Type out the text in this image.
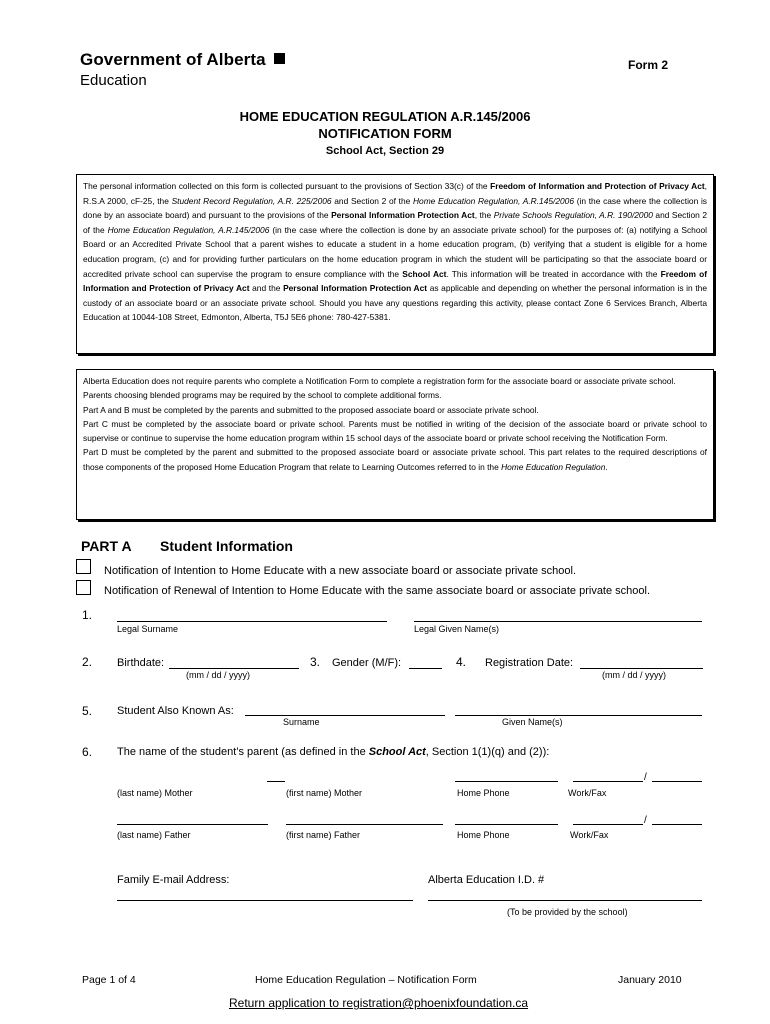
Government of Alberta
Education
Form 2
HOME EDUCATION REGULATION A.R.145/2006
NOTIFICATION FORM
School Act, Section 29

The personal information collected on this form is collected pursuant to the provisions of Section 33(c) of the Freedom of Information and Protection of Privacy Act, R.S.A 2000, cF-25, the Student Record Regulation, A.R. 225/2006 and Section 2 of the Home Education Regulation, A.R.145/2006 (in the case where the collection is done by an associate board) and pursuant to the provisions of the Personal Information Protection Act, the Private Schools Regulation, A.R. 190/2000 and Section 2 of the Home Education Regulation, A.R.145/2006 (in the case where the collection is done by an associate private school) for the purposes of: (a) notifying a School Board or an Accredited Private School that a parent wishes to educate a student in a home education program, (b) verifying that a student is eligible for a home education program, (c) and for providing further particulars on the home education program in which the student will be participating so that the associate board or accredited private school can supervise the program to ensure compliance with the School Act. This information will be treated in accordance with the Freedom of Information and Protection of Privacy Act and the Personal Information Protection Act as applicable and depending on whether the personal information is in the custody of an associate board or an associate private school. Should you have any questions regarding this activity, please contact Zone 6 Services Branch, Alberta Education at 10044-108 Street, Edmonton, Alberta, T5J 5E6 phone: 780-427-5381.

Alberta Education does not require parents who complete a Notification Form to complete a registration form for the associate board or associate private school.
Parents choosing blended programs may be required by the school to complete additional forms.
Part A and B must be completed by the parents and submitted to the proposed associate board or associate private school.
Part C must be completed by the associate board or private school. Parents must be notified in writing of the decision of the associate board or private school to supervise or continue to supervise the home education program within 15 school days of the associate board or private school receiving the Notification Form.
Part D must be completed by the parent and submitted to the proposed associate board or associate private school. This part relates to the required descriptions of those components of the proposed Home Education Program that relate to Learning Outcomes referred to in the Home Education Regulation.

PART A Student Information
Notification of Intention to Home Educate with a new associate board or associate private school.
Notification of Renewal of Intention to Home Educate with the same associate board or associate private school.
1.
Legal Surname	Legal Given Name(s)
2. Birthdate:
(mm / dd / yyyy)
3. Gender (M/F):	4. Registration Date:
(mm / dd / yyyy)
5. Student Also Known As:
Surname	Given Name(s)
6. The name of the student’s parent (as defined in the School Act, Section 1(1)(q) and (2)):
/
(last name) Mother	(first name) Mother	Home Phone	Work/Fax
/
(last name) Father	(first name) Father	Home Phone	Work/Fax
Family E-mail Address:	Alberta Education I.D. #
(To be provided by the school)
Page 1 of 4	Home Education Regulation – Notification Form	January 2010
Return application to registration@phoenixfoundation.ca
